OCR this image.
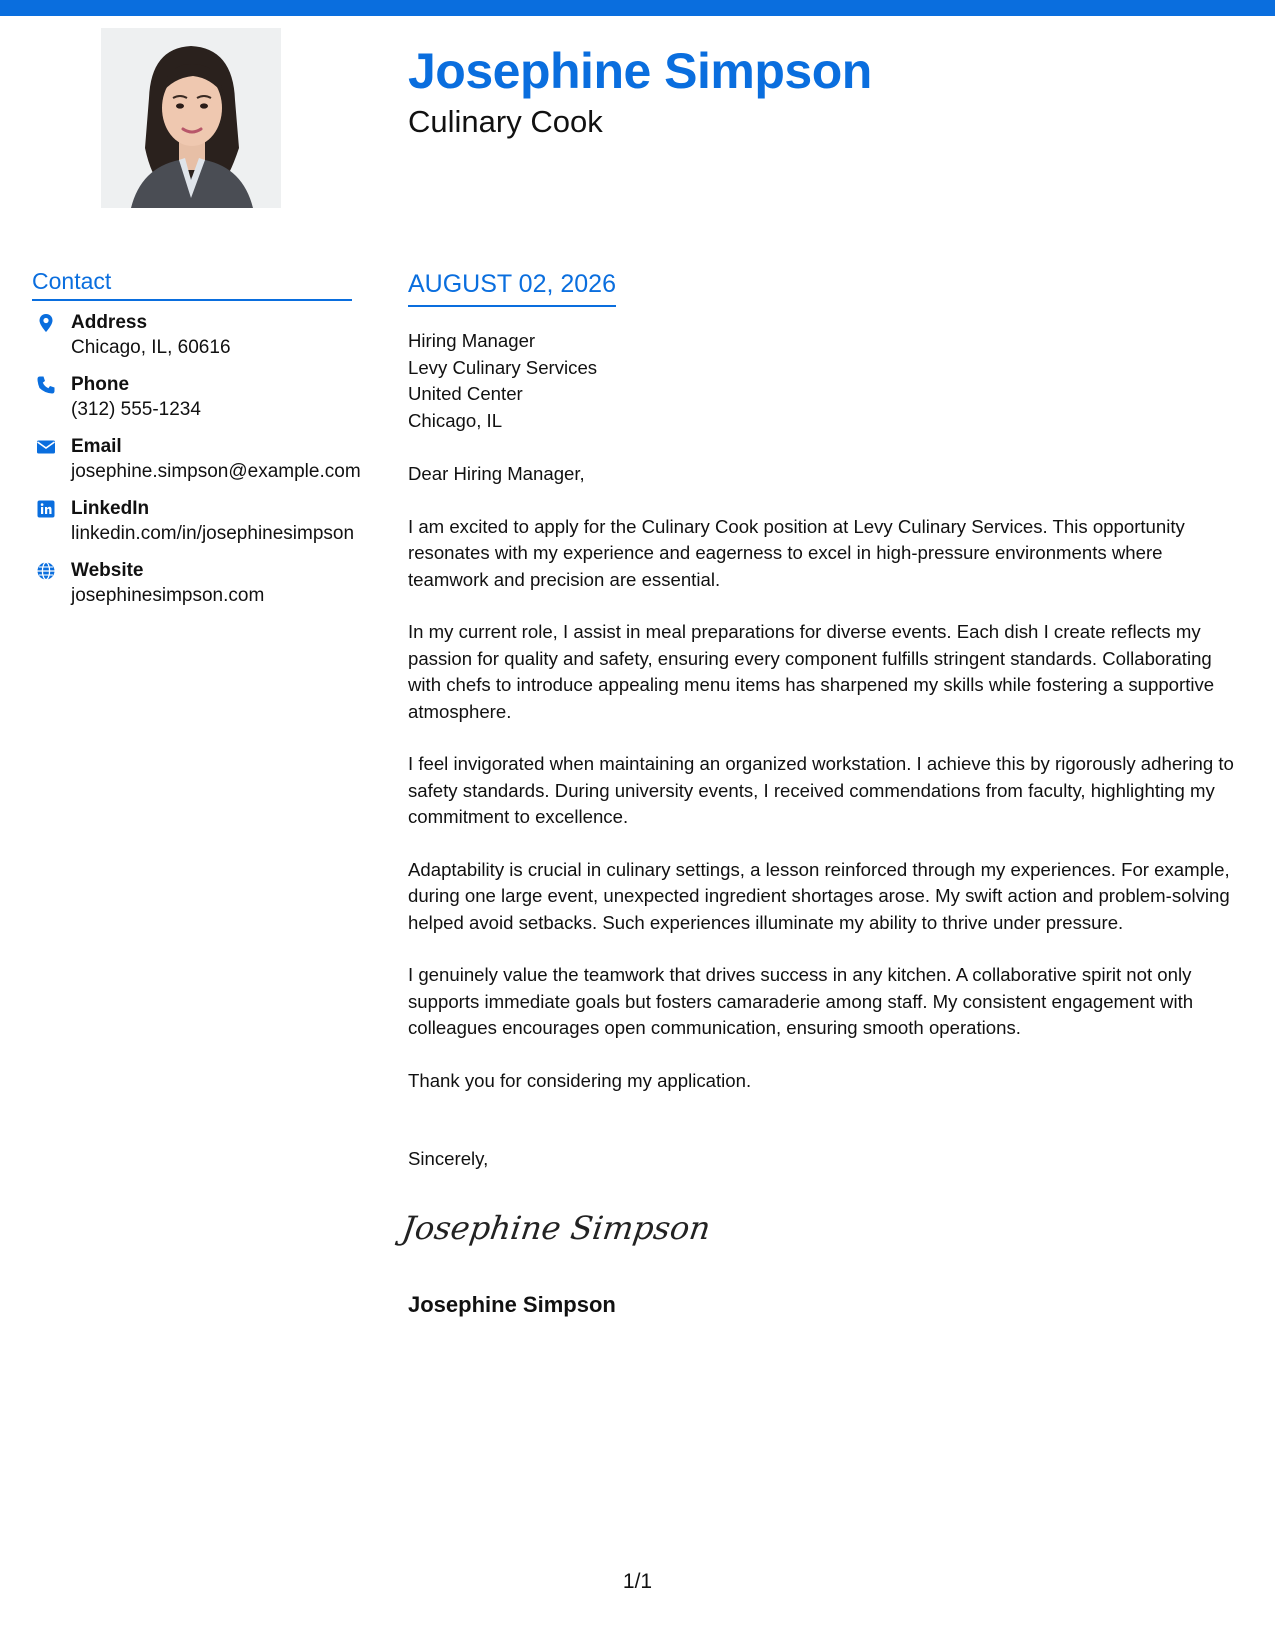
Josephine Simpson
Culinary Cook
Contact
Address
Chicago, IL, 60616
Phone
(312) 555-1234
Email
josephine.simpson@example.com
LinkedIn
linkedin.com/in/josephinesimpson
Website
josephinesimpson.com
AUGUST 02, 2026
Hiring Manager
Levy Culinary Services
United Center
Chicago, IL
Dear Hiring Manager,
I am excited to apply for the Culinary Cook position at Levy Culinary Services. This opportunity resonates with my experience and eagerness to excel in high-pressure environments where teamwork and precision are essential.
In my current role, I assist in meal preparations for diverse events. Each dish I create reflects my passion for quality and safety, ensuring every component fulfills stringent standards. Collaborating with chefs to introduce appealing menu items has sharpened my skills while fostering a supportive atmosphere.
I feel invigorated when maintaining an organized workstation. I achieve this by rigorously adhering to safety standards. During university events, I received commendations from faculty, highlighting my commitment to excellence.
Adaptability is crucial in culinary settings, a lesson reinforced through my experiences. For example, during one large event, unexpected ingredient shortages arose. My swift action and problem-solving helped avoid setbacks. Such experiences illuminate my ability to thrive under pressure.
I genuinely value the teamwork that drives success in any kitchen. A collaborative spirit not only supports immediate goals but fosters camaraderie among staff. My consistent engagement with colleagues encourages open communication, ensuring smooth operations.
Thank you for considering my application.
Sincerely,
Josephine Simpson
Josephine Simpson
1/1
